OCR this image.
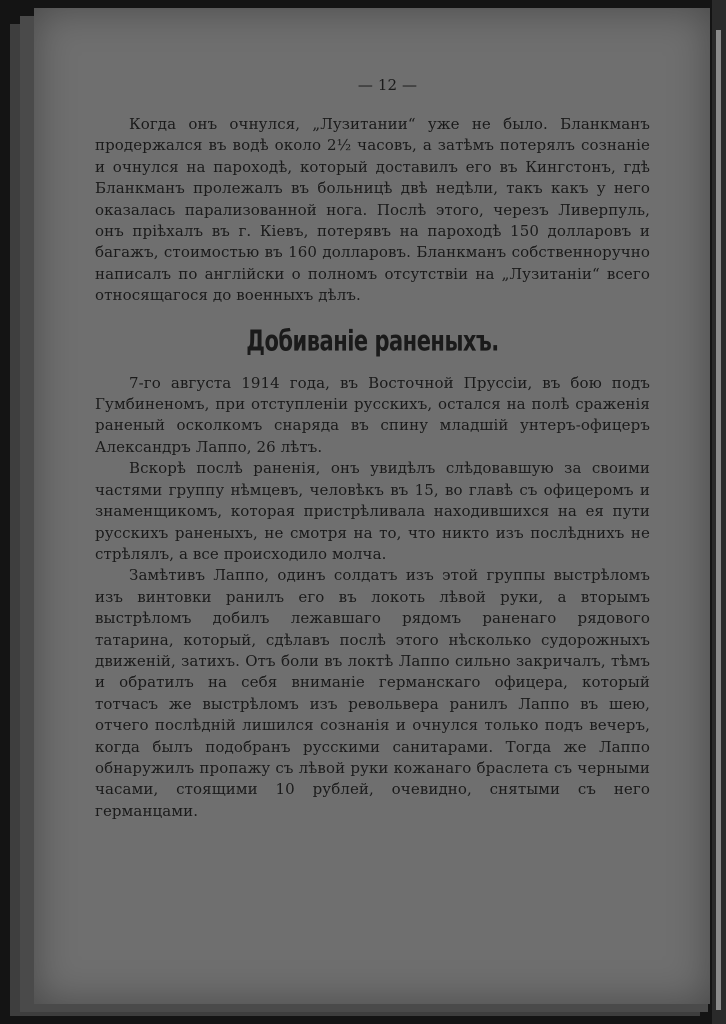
— 12 —

Когда онъ очнулся, „Лузитании“ уже не было. Бланкманъ продержался въ водѣ около 2½ часовъ, а затѣмъ потерялъ сознаніе и очнулся на пароходѣ, который доставилъ его въ Кингстонъ, гдѣ Бланкманъ пролежалъ въ больницѣ двѣ недѣли, такъ какъ у него оказалась парализованной нога. Послѣ этого, черезъ Ливерпуль, онъ пріѣхалъ въ г. Кіевъ, потерявъ на пароходѣ 150 долларовъ и багажъ, стоимостью въ 160 долларовъ. Бланкманъ собственноручно написалъ по англійски о полномъ отсутствіи на „Лузитаніи“ всего относящагося до военныхъ дѣлъ.

Добиваніе раненыхъ.

7-го августа 1914 года, въ Восточной Пруссіи, въ бою подъ Гумбиненомъ, при отступленіи русскихъ, остался на полѣ сраженія раненый осколкомъ снаряда въ спину младшій унтеръ-офицеръ Александръ Лаппо, 26 лѣтъ.

Вскорѣ послѣ раненія, онъ увидѣлъ слѣдовавшую за своими частями группу нѣмцевъ, человѣкъ въ 15, во главѣ съ офицеромъ и знаменщикомъ, которая пристрѣливала находившихся на ея пути русскихъ раненыхъ, не смотря на то, что никто изъ послѣднихъ не стрѣлялъ, а все происходило молча.

Замѣтивъ Лаппо, одинъ солдатъ изъ этой группы выстрѣломъ изъ винтовки ранилъ его въ локоть лѣвой руки, а вторымъ выстрѣломъ добилъ лежавшаго рядомъ раненаго рядового татарина, который, сдѣлавъ послѣ этого нѣсколько судорожныхъ движеній, затихъ. Отъ боли въ локтѣ Лаппо сильно закричалъ, тѣмъ и обратилъ на себя вниманіе германскаго офицера, который тотчасъ же выстрѣломъ изъ револьвера ранилъ Лаппо въ шею, отчего послѣдній лишился сознанія и очнулся только подъ вечеръ, когда былъ подобранъ русскими санитарами. Тогда же Лаппо обнаружилъ пропажу съ лѣвой руки кожанаго браслета съ черными часами, стоящими 10 рублей, очевидно, снятыми съ него германцами.
